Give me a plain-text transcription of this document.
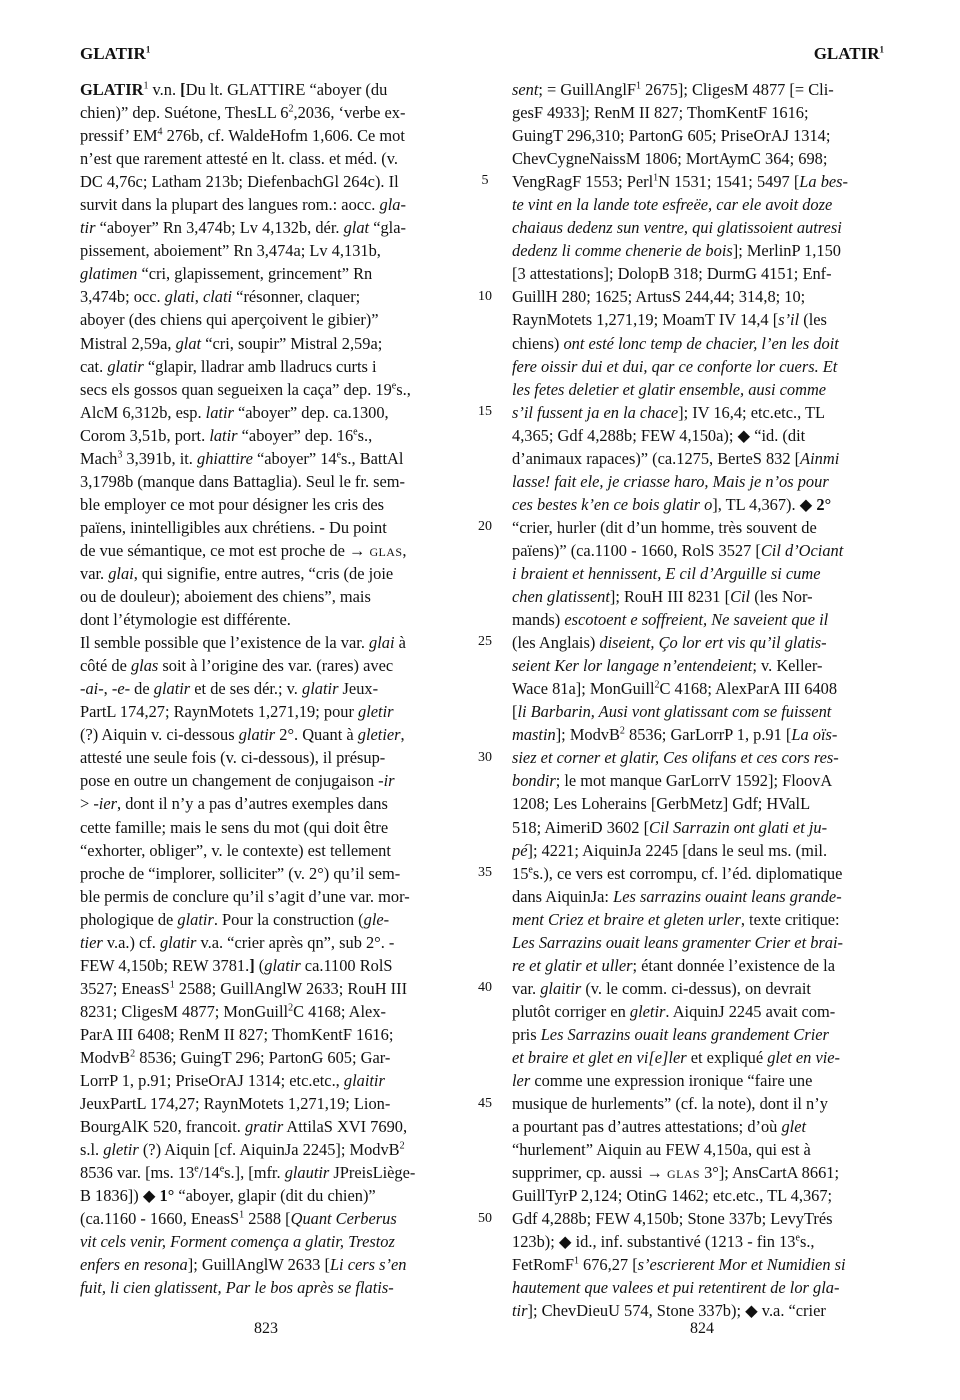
GLATIR$^1$	GLATIR$^1$
GLATIR$^1$ v.n. [Du lt. GLATTIRE “aboyer (du
chien)” dep. Suétone, ThesLL $6^2,2036$, ‘verbe ex-
pressif’ $EM^4$ 276b, cf. WaldeHofm 1,606. Ce mot
n’est que rarement attesté en lt. class. et méd. (v.
DC 4,76c; Latham 213b; DiefenbachGl 264c). Il
survit dans la plupart des langues rom.: aocc. gla-
tir “aboyer” Rn 3,474b; Lv 4,132b, dér. glat “gla-
pissement, aboiement” Rn 3,474a; Lv 4,131b,
glatimen “cri, glapissement, grincement” Rn
3,474b; occ. glati, clati “résonner, claquer;
aboyer (des chiens qui aperçoivent le gibier)”
Mistral 2,59a, glat “cri, soupir” Mistral 2,59a;
cat. glatir “glapir, lladrar amb lladrucs curts i
secs els gossos quan segueixen la caça” dep. 19es.,
AlcM 6,312b, esp. latir “aboyer” dep. ca.1300,
Corom 3,51b, port. latir “aboyer” dep. 16es.,
Mach$^3$ 3,391b, it. ghiattire “aboyer” 14es., BattAl
3,1798b (manque dans Battaglia). Seul le fr. sem-
ble employer ce mot pour désigner les cris des
païens, inintelligibles aux chrétiens. - Du point
de vue sémantique, ce mot est proche de → GLAS,
var. glai, qui signifie, entre autres, “cris (de joie
ou de douleur); aboiement des chiens”, mais
dont l’étymologie est différente.
Il semble possible que l’existence de la var. glai à
côté de glas soit à l’origine des var. (rares) avec
-ai-, -e- de glatir et de ses dér.; v. glatir Jeux-
PartL 174,27; RaynMotets 1,271,19; pour gletir
(?) Aiquin v. ci-dessous glatir 2°. Quant à gletier,
attesté une seule fois (v. ci-dessous), il présup-
pose en outre un changement de conjugaison -ir
> -ier, dont il n’y a pas d’autres exemples dans
cette famille; mais le sens du mot (qui doit être
“exhorter, obliger”, v. le contexte) est tellement
proche de “implorer, solliciter” (v. 2°) qu’il sem-
ble permis de conclure qu’il s’agit d’une var. mor-
phologique de glatir. Pour la construction (gle-
tier v.a.) cf. glatir v.a. “crier après qn”, sub 2°. -
FEW 4,150b; REW 3781.] (glatir ca.1100 RolS
3527; EneasS$^1$ 2588; GuillAnglW 2633; RouH III
8231; CligesM 4877; MonGuill$^2$C 4168; Alex-
ParA III 6408; RenM II 827; ThomKentF 1616;
ModvB$^2$ 8536; GuingT 296; PartonG 605; Gar-
LorrP 1, p.91; PriseOrAJ 1314; etc.etc., glaitir
JeuxPartL 174,27; RaynMotets 1,271,19; Lion-
BourgAlK 520, francoit. gratir AttilaS XVI 7690,
s.l. gletir (?) Aiquin [cf. AiquinJa 2245]; ModvB$^2$
8536 var. [ms. 13e/14es.], [mfr. glautir JPreisLiège-
B 1836]) ◆ 1° “aboyer, glapir (dit du chien)”
(ca.1160 - 1660, EneasS$^1$ 2588 [Quant Cerberus
vit cels venir, Forment comença a glatir, Trestoz
enfers en resona]; GuillAnglW 2633 [Li cers s’en
fuit, li cien glatissent, Par le bos après se flatis-
sent; = GuillAnglF$^1$ 2675]; CligesM 4877 [= Cli-
gesF 4933]; RenM II 827; ThomKentF 1616;
GuingT 296,310; PartonG 605; PriseOrAJ 1314;
ChevCygneNaissM 1806; MortAymC 364; 698;
VengRagF 1553; Perl$^1$N 1531; 1541; 5497 [La bes-
te vint en la lande tote esfreëe, car ele avoit doze
chaiaus dedenz sun ventre, qui glatissoient autresi
dedenz li comme chenerie de bois]; MerlinP 1,150
[3 attestations]; DolopB 318; DurmG 4151; Enf-
GuillH 280; 1625; ArtusS 244,44; 314,8; 10;
RaynMotets 1,271,19; MoamT IV 14,4 [s’il (les
chiens) ont esté lonc temp de chacier, l’en les doit
fere oissir dui et dui, qar ce conforte lor cuers. Et
les fetes deletier et glatir ensemble, ausi comme
s’il fussent ja en la chace]; IV 16,4; etc.etc., TL
4,365; Gdf 4,288b; FEW 4,150a); ◆ “id. (dit
d’animaux rapaces)” (ca.1275, BerteS 832 [Ainmi
lasse! fait ele, je criasse haro, Mais je n’os pour
ces bestes k’en ce bois glatir o], TL 4,367). ◆ 2°
“crier, hurler (dit d’un homme, très souvent de
païens)” (ca.1100 - 1660, RolS 3527 [Cil d’Ociant
i braient et hennissent, E cil d’Arguille si cume
chen glatissent]; RouH III 8231 [Cil (les Nor-
mands) escotoent e soffreient, Ne saveient que il
(les Anglais) diseient, Ço lor ert vis qu’il glatis-
seient Ker lor langage n’entendeient; v. Keller-
Wace 81a]; MonGuill$^2$C 4168; AlexParA III 6408
[li Barbarin, Ausi vont glatissant com se fuissent
mastin]; ModvB$^2$ 8536; GarLorrP 1, p.91 [La oïs-
siez et corner et glatir, Ces olifans et ces cors res-
bondir; le mot manque GarLorrV 1592]; FloovA
1208; Les Loherains [GerbMetz] Gdf; HValL
518; AimeriD 3602 [Cil Sarrazin ont glati et ju-
pé]; 4221; AiquinJa 2245 [dans le seul ms. (mil.
15es.), ce vers est corrompu, cf. l’éd. diplomatique
dans AiquinJa: Les sarrazins ouaint leans grande-
ment Criez et braire et gleten urler, texte critique:
Les Sarrazins ouait leans gramenter Crier et brai-
re et glatir et uller; étant donnée l’existence de la
var. glaitir (v. le comm. ci-dessus), on devrait
plutôt corriger en gletir. AiquinJ 2245 avait com-
pris Les Sarrazins ouait leans grandement Crier
et braire et glet en vi[e]ler et expliqué glet en vie-
ler comme une expression ironique “faire une
musique de hurlements” (cf. la note), dont il n’y
a pourtant pas d’autres attestations; d’où glet
“hurlement” Aiquin au FEW 4,150a, qui est à
supprimer, cp. aussi → GLAS 3°]; AnsCartA 8661;
GuillTyrP 2,124; OtinG 1462; etc.etc., TL 4,367;
Gdf 4,288b; FEW 4,150b; Stone 337b; LevyTrés
123b); ◆ id., inf. substantivé (1213 - fin 13es.,
FetRomF$^1$ 676,27 [s’escrierent Mor et Numidien si
hautement que valees et pui retentirent de lor gla-
tir]; ChevDieuU 574, Stone 337b); ◆ v.a. “crier
5
10
15
20
25
30
35
40
45
50
823	824
